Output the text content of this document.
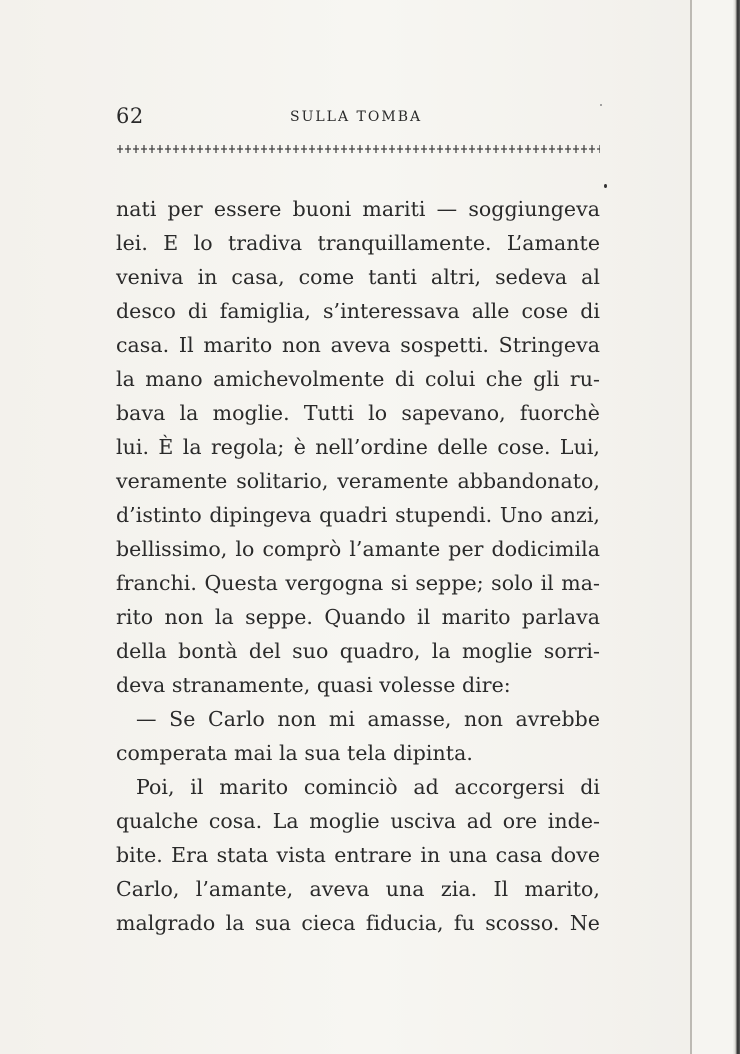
62	SULLA TOMBA
nati per essere buoni mariti — soggiungeva
lei. E lo tradiva tranquillamente. L’amante
veniva in casa, come tanti altri, sedeva al
desco di famiglia, s’interessava alle cose di
casa. Il marito non aveva sospetti. Stringeva
la mano amichevolmente di colui che gli ru-
bava la moglie. Tutti lo sapevano, fuorchè
lui. È la regola; è nell’ordine delle cose. Lui,
veramente solitario, veramente abbandonato,
d’istinto dipingeva quadri stupendi. Uno anzi,
bellissimo, lo comprò l’amante per dodicimila
franchi. Questa vergogna si seppe; solo il ma-
rito non la seppe. Quando il marito parlava
della bontà del suo quadro, la moglie sorri-
deva stranamente, quasi volesse dire:
— Se Carlo non mi amasse, non avrebbe
comperata mai la sua tela dipinta.
Poi, il marito cominciò ad accorgersi di
qualche cosa. La moglie usciva ad ore inde-
bite. Era stata vista entrare in una casa dove
Carlo, l’amante, aveva una zia. Il marito,
malgrado la sua cieca fiducia, fu scosso. Ne
